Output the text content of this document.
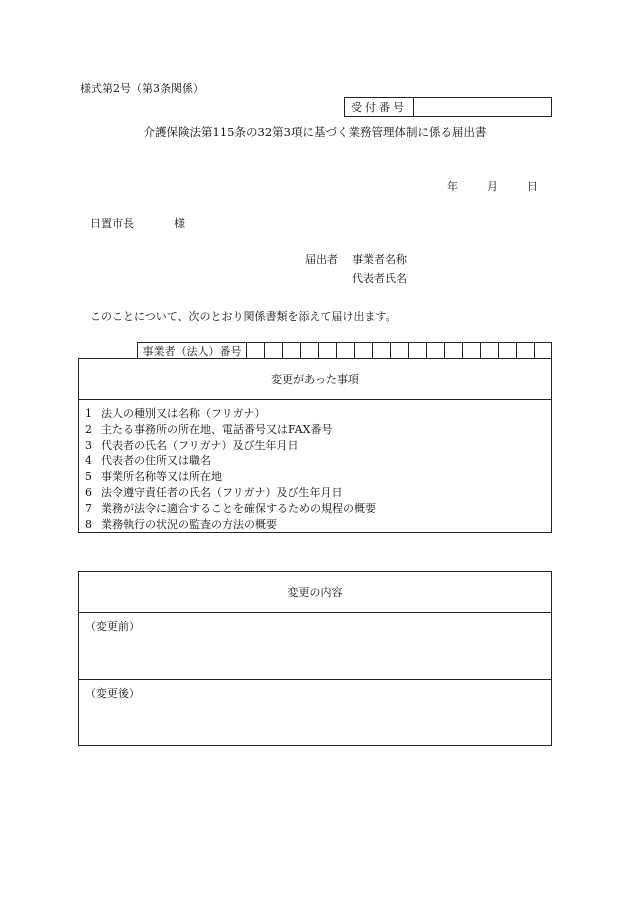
様式第2号（第3条関係）
受付番号
介護保険法第115条の32第3項に基づく業務管理体制に係る届出書
年	月	日
日置市長	様
届出者 事業者名称
代表者氏名
このことについて、次のとおり関係書類を添えて届け出ます。
事業者（法人）番号
変更があった事項
1 法人の種別又は名称（フリガナ）
2 主たる事務所の所在地、電話番号又はFAX番号
3 代表者の氏名（フリガナ）及び生年月日
4 代表者の住所又は職名
5 事業所名称等又は所在地
6 法令遵守責任者の氏名（フリガナ）及び生年月日
7 業務が法令に適合することを確保するための規程の概要
8 業務執行の状況の監査の方法の概要
変更の内容
（変更前）
（変更後）
